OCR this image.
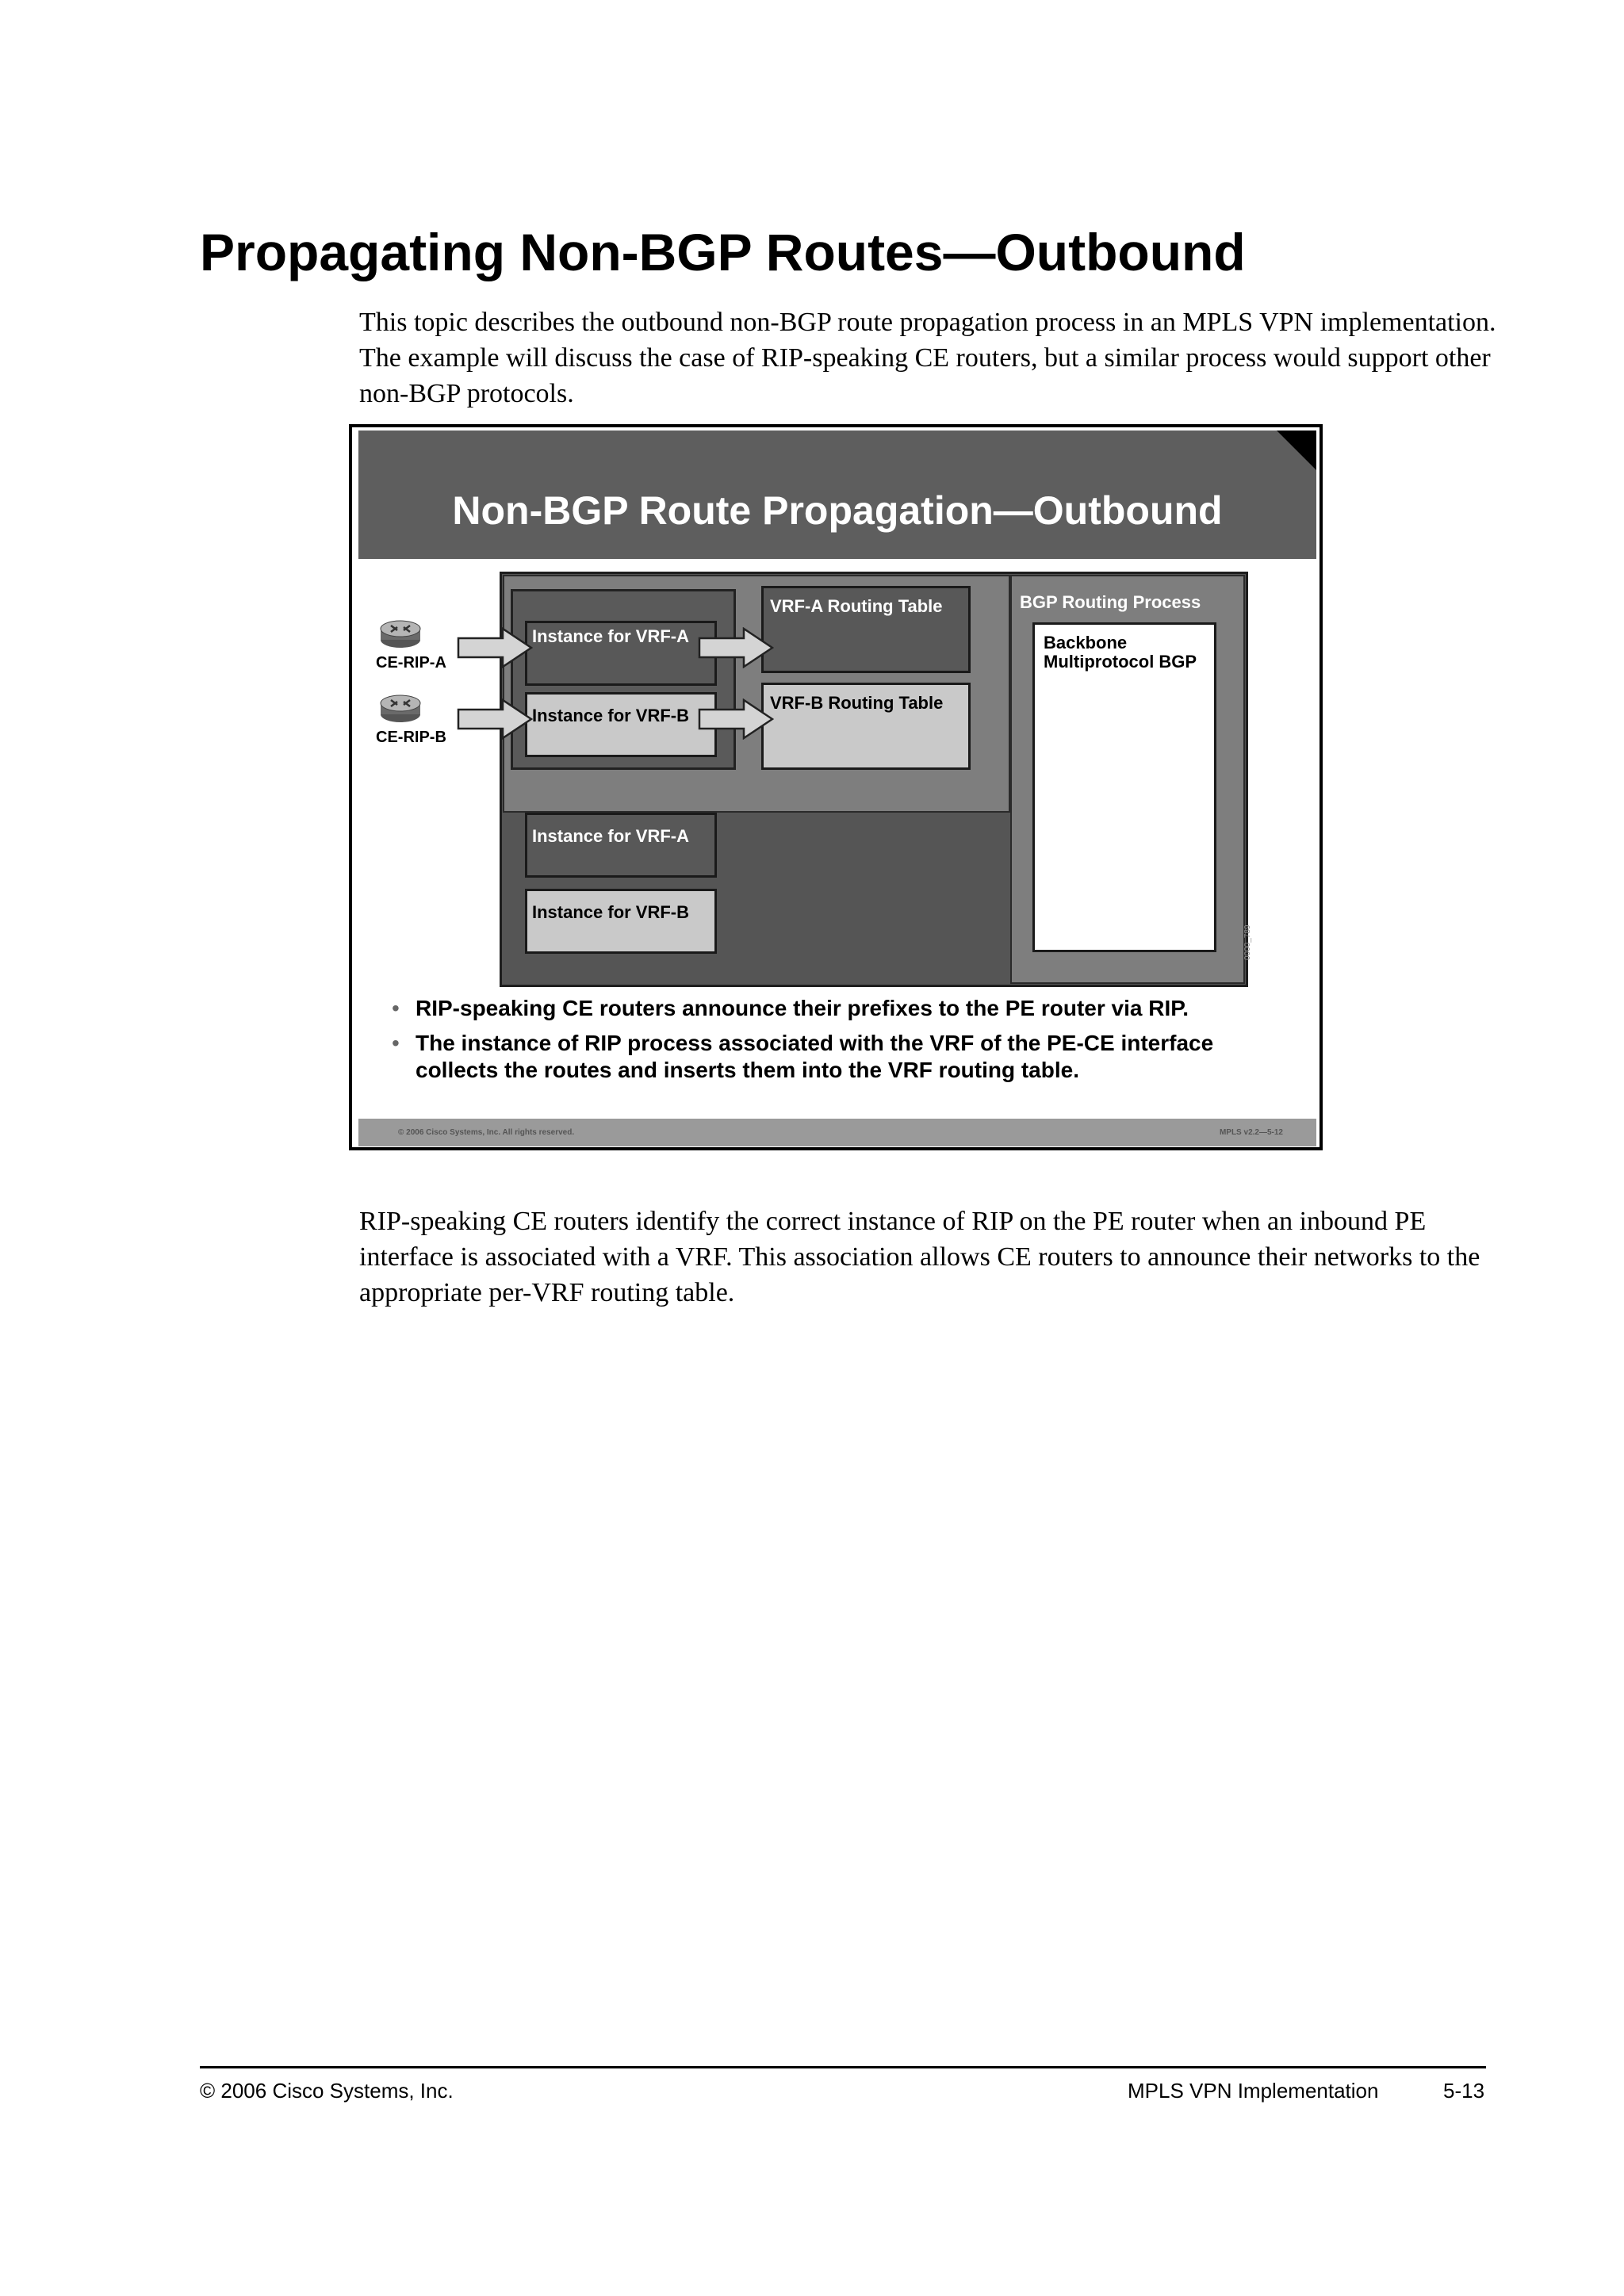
Propagating Non-BGP Routes—Outbound

This topic describes the outbound non-BGP route propagation process in an MPLS VPN implementation. The example will discuss the case of RIP-speaking CE routers, but a similar process would support other non-BGP protocols.

Non-BGP Route Propagation—Outbound
BGP Routing Process
Instance for VRF-A
Instance for VRF-B
VRF-A Routing Table
VRF-B Routing Table
Instance for VRF-A
Instance for VRF-B
Backbone Multiprotocol BGP
CE-RIP-A
CE-RIP-B
0000_789
• RIP-speaking CE routers announce their prefixes to the PE router via RIP.
• The instance of RIP process associated with the VRF of the PE-CE interface collects the routes and inserts them into the VRF routing table.
© 2006 Cisco Systems, Inc. All rights reserved.	MPLS v2.2—5-12

RIP-speaking CE routers identify the correct instance of RIP on the PE router when an inbound PE interface is associated with a VRF. This association allows CE routers to announce their networks to the appropriate per-VRF routing table.

© 2006 Cisco Systems, Inc.	MPLS VPN Implementation	5-13
